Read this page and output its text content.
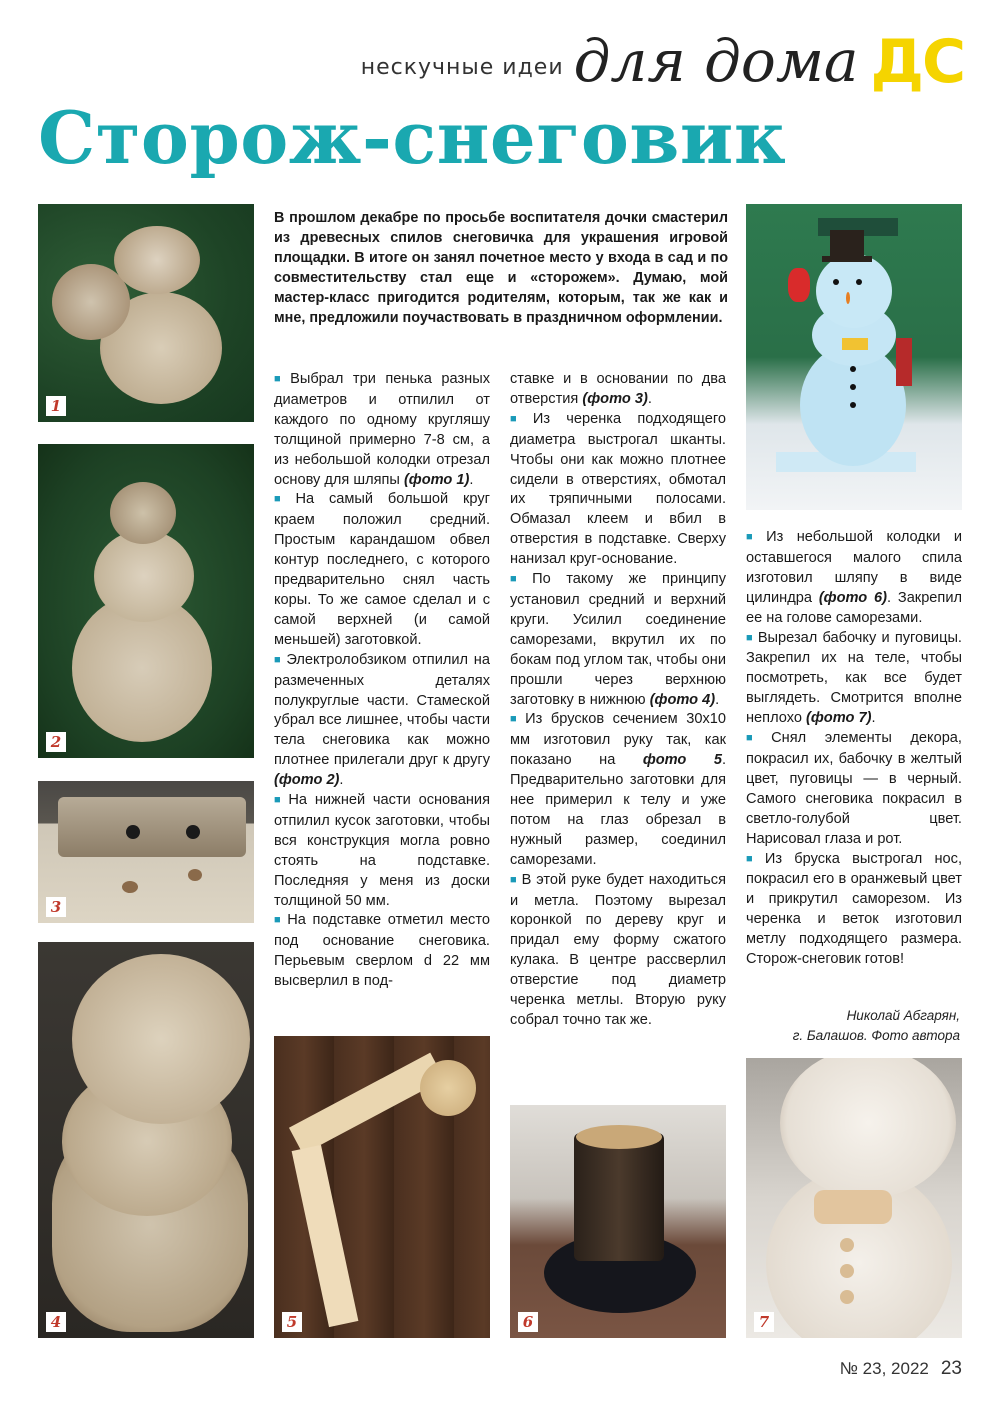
нескучные идеи для дома ДС
Сторож-снеговик
1
2
3
4	5	6	7

В прошлом декабре по просьбе воспитателя дочки смастерил из древесных спилов снеговичка для украшения игровой площадки. В итоге он занял почетное место у входа в сад и по совместительству стал еще и «сторожем». Думаю, мой мастер-класс пригодится родителям, которым, так же как и мне, предложили поучаствовать в праздничном оформлении.

■ Выбрал три пенька разных диаметров и отпилил от каждого по одному кругляшу толщиной примерно 7-8 см, а из небольшой колодки отрезал основу для шляпы (фото 1).

■ На самый большой круг краем положил средний. Простым карандашом обвел контур последнего, с которого предварительно снял часть коры. То же самое сделал и с самой верхней (и самой меньшей) заготовкой.

■ Электролобзиком отпилил на размеченных деталях полукруглые части. Стамеской убрал все лишнее, чтобы части тела снеговика как можно плотнее прилегали друг к другу (фото 2).

■ На нижней части основания отпилил кусок заготовки, чтобы вся конструкция могла ровно стоять на подставке. Последняя у меня из доски толщиной 50 мм.

■ На подставке отметил место под основание снеговика. Перьевым сверлом d 22 мм высверлил в под-

ставке и в основании по два отверстия (фото 3).

■ Из черенка подходящего диаметра выстрогал шканты. Чтобы они как можно плотнее сидели в отверстиях, обмотал их тряпичными полосами. Обмазал клеем и вбил в отверстия в подставке. Сверху нанизал круг-основание.

■ По такому же принципу установил средний и верхний круги. Усилил соединение саморезами, вкрутил их по бокам под углом так, чтобы они прошли через верхнюю заготовку в нижнюю (фото 4).

■ Из брусков сечением 30х10 мм изготовил руку так, как показано на фото 5. Предварительно заготовки для нее примерил к телу и уже потом на глаз обрезал в нужный размер, соединил саморезами.

■ В этой руке будет находиться и метла. Поэтому вырезал коронкой по дереву круг и придал ему форму сжатого кулака. В центре рассверлил отверстие под диаметр черенка метлы. Вторую руку собрал точно так же.

■ Из небольшой колодки и оставшегося малого спила изготовил шляпу в виде цилиндра (фото 6). Закрепил ее на голове саморезами.

■ Вырезал бабочку и пуговицы. Закрепил их на теле, чтобы посмотреть, как все будет выглядеть. Смотрится вполне неплохо (фото 7).

■ Снял элементы декора, покрасил их, бабочку в желтый цвет, пуговицы — в черный. Самого снеговика покрасил в светло-голубой цвет. Нарисовал глаза и рот.

■ Из бруска выстрогал нос, покрасил его в оранжевый цвет и прикрутил саморезом. Из черенка и веток изготовил метлу подходящего размера. Сторож-снеговик готов!

Николай Абгарян,
г. Балашов. Фото автора
№ 23, 2022 23
